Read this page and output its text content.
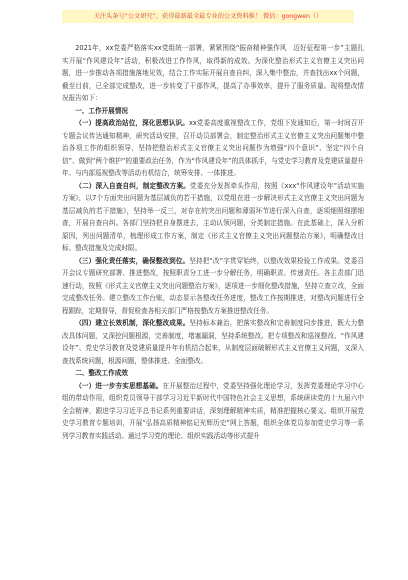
关注头条号“公文研究”，获得最新最全最专业的公文资料推！ 微信：gongwen（）

2021年，xx党委严格落实xx党组统一部署，紧紧围绕“振奋精神强作风　迈好征程第一步”主题扎实开展“作风建设年”活动，积极改进工作作风，取得新的成效。为深化整治形式主义官僚主义突出问题，进一步推动各项措施落地见效，结合工作实际开展自查自纠，深入集中整治，并查找出xx个问题，截至目前，已全部完成整改，进一步转变了干部作风，提高了办事效率，提升了服务质量。现将整改情况报告如下：

一、工作开展情况

（一）提高政治站位，深化思想认识。xx党委高度重视整改工作，党组下发通知后，第一时间召开专题会议传达通知精神，研究活动安排，召开动员部署会，制定整治形式主义官僚主义突出问题集中整治各项工作的组织领导，坚持把整治形式主义官僚主义突出问题作为增强“四个意识”、坚定“四个自信”、做到“两个维护”的重要政治任务，作为“作风建设年”的具体抓手，与党史学习教育及党建质量提升年、与内部巡视整改等活动有机结合，统筹安排、一体推进。

（二）深入自查自纠，制定整改方案。党委充分发挥牵头作用，按照《xxx“作风建设年”活动实施方案》，以7个方面突出问题为基层减负的若干措施，以党组在进一步解决形式主义官僚主义突出问题为基层减负的若干措施》，坚持举一反三，对存在的突出问题和薄弱环节进行深入自查，逐项细照细摆细查，开展自查自纠。各部门坚持把自身摆进去，主动认领问题，分类制定措施。在此基础上，深入分析原因，列出问题清单，梳理形成工作方案，制定《形式主义官僚主义突出问题整治方案》，明确整改目标、整改措施及完成时限。

（三）强化责任落实，确保整改到位。坚持把“改”字贯穿始终，以整改效果检验工作成果。党委召开会议专题研究部署、推进整改，按照职责分工进一步分解任务，明确职责、传递责任。各主责部门迅速行动，按照《形式主义官僚主义突出问题整治方案》，逐项进一步细化整改措施，坚持立查立改，全面完成整改任务。建立整改工作台账，动态显示各整改任务进度，整改工作按期推进，对整改问题进行全程跟踪，定期督导，督促检查各相关部门严格按整改方案推进整改任务。

（四）建立长效机制，深化整改成果。坚持标本兼治，把落实整改和完善制度同步推进，既大力整改具体问题，又深挖问题根源，完善制度，堵塞漏洞，坚持系统整改。把专项整改和巡视整改、“作风建设年”、党史学习教育及党建质量提升年有机结合起来，从制度层面破解形式主义官僚主义问题，又深入查找系统问题，根源问题，整体推进、全面整改。

二、整改工作成效

（一）进一步夯实思想基础。在开展整治过程中，党委坚持强化理论学习，发挥党委理论学习中心组的带动作用，组织党员领导干部学习习近平新时代中国特色社会主义思想，系统研读党的十九届六中全会精神，跟进学习习近平总书记系列重要讲话，深刻理解精神实质，精准把握核心要义。组织开展党史学习教育专题培训，开展“弘扬高质精神铭记光辉历史”网上答题，组织全体党员参加党史学习等一系列学习教育实践活动。通过学习党的理论、组织实践活动等形式提升
